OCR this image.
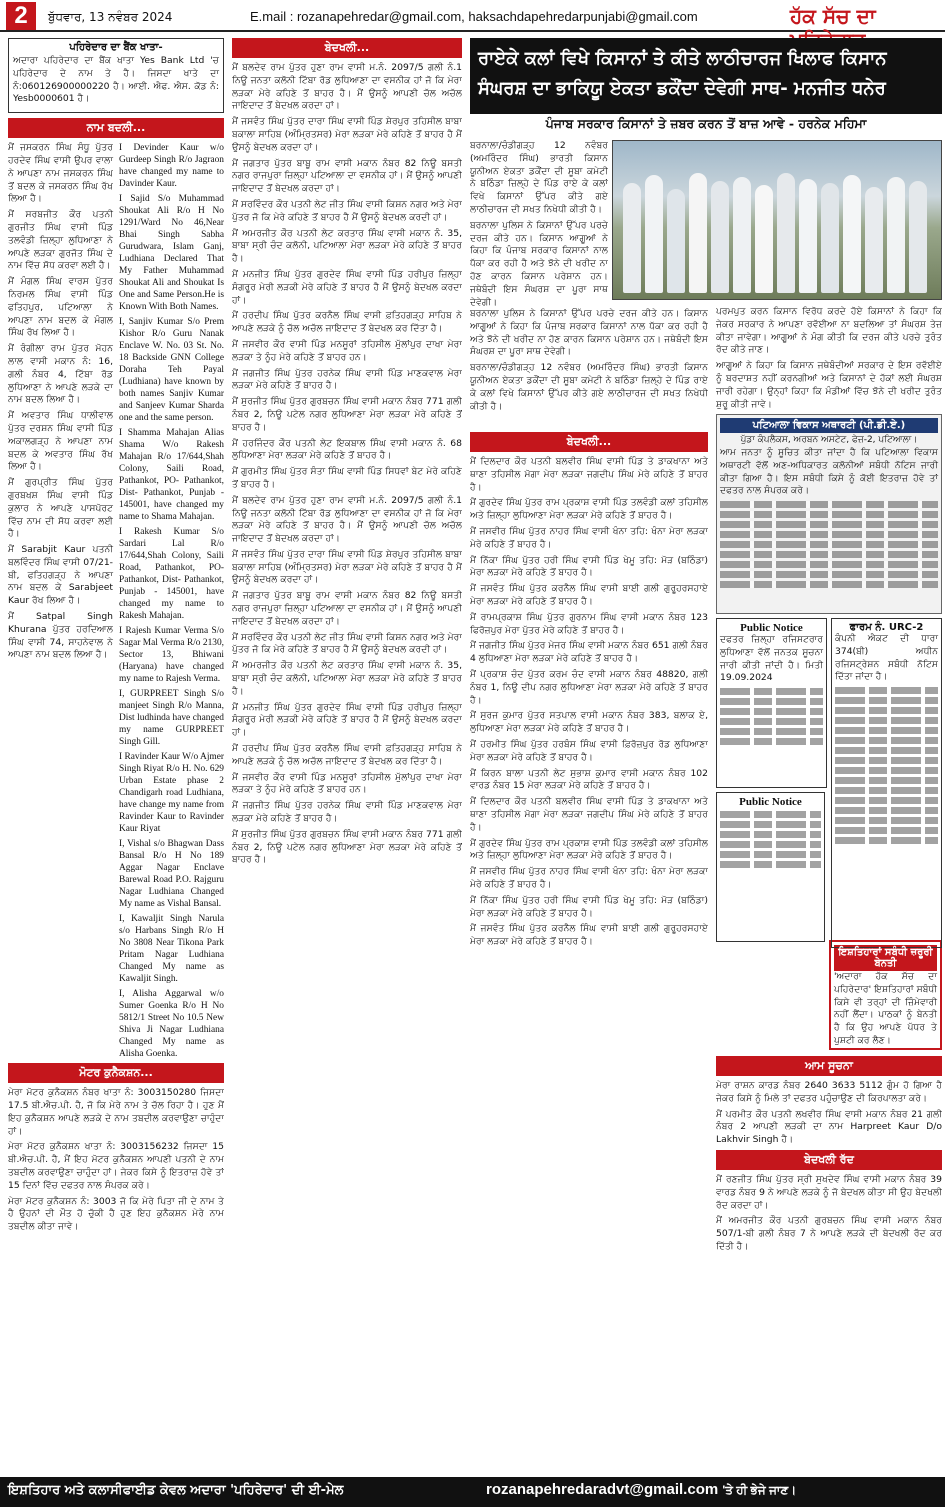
2	ਬੁੱਧਵਾਰ, 13 ਨਵੰਬਰ 2024	E.mail : rozanapehredar@gmail.com, haksachdapehredarpunjabi@gmail.com	ਹੱਕ ਸੱਚ ਦਾ
ਪਹਿਰੇਦਾਰ ਦਾ ਬੈਂਕ ਖਾਤਾ-
ਅਦਾਰਾ ਪਹਿਰੇਦਾਰ ਦਾ ਬੈਂਕ ਖਾਤਾ Yes Bank Ltd 'ਚ ਪਹਿਰੇਦਾਰ ਦੇ ਨਾਮ ਤੇ ਹੈ। ਜਿਸਦਾ ਖਾਤੇ ਦਾ ਨੰ:060126900000220 ਹੈ। ਆਈ. ਐਫ. ਐਸ. ਕੋਡ ਨੰ: Yesb0000601 ਹੈ।
ਨਾਮ ਬਦਲੀ...
ਮੈਂ ਜਸਕਰਨ ਸਿੰਘ ਸੰਧੂ ਪੁੱਤਰ ਹਰਦੇਵ ਸਿੰਘ ਵਾਸੀ ਉਪਰ ਵਾਲਾ ਨੇ ਆਪਣਾ ਨਾਮ ਜਸਕਰਨ ਸਿੰਘ ਤੋਂ ਬਦਲ ਕੇ ਜਸਕਰਨ ਸਿੰਘ ਰੱਖ ਲਿਆ ਹੈ।
ਮੈਂ ਸਰਬਜੀਤ ਕੌਰ ਪਤਨੀ ਗੁਰਜੀਤ ਸਿੰਘ ਵਾਸੀ ਪਿੰਡ ਤਲਵੰਡੀ ਜ਼ਿਲ੍ਹਾ ਲੁਧਿਆਣਾ ਨੇ ਆਪਣੇ ਲੜਕਾ ਗੁਰਜੋਤ ਸਿੰਘ ਦੇ ਨਾਮ ਵਿੱਚ ਸੋਧ ਕਰਵਾ ਲਈ ਹੈ।
ਮੈਂ ਮੰਗਲ ਸਿੰਘ ਵਾਰਸ ਪੁੱਤਰ ਨਿਰਮਲ ਸਿੰਘ ਵਾਸੀ ਪਿੰਡ ਫਤਿਹਪੁਰ, ਪਟਿਆਲਾ ਨੇ ਆਪਣਾ ਨਾਮ ਬਦਲ ਕੇ ਮੰਗਲ ਸਿੰਘ ਰੱਖ ਲਿਆ ਹੈ।
ਮੈਂ ਰੰਗੀਲਾ ਰਾਮ ਪੁੱਤਰ ਮੋਹਨ ਲਾਲ ਵਾਸੀ ਮਕਾਨ ਨੰ: 16, ਗਲੀ ਨੰਬਰ 4, ਟਿੱਬਾ ਰੋਡ ਲੁਧਿਆਣਾ ਨੇ ਆਪਣੇ ਲੜਕੇ ਦਾ ਨਾਮ ਬਦਲ ਲਿਆ ਹੈ।
ਮੈਂ ਅਵਤਾਰ ਸਿੰਘ ਧਾਲੀਵਾਲ ਪੁੱਤਰ ਦਰਸ਼ਨ ਸਿੰਘ ਵਾਸੀ ਪਿੰਡ ਅਕਾਲਗੜ੍ਹ ਨੇ ਆਪਣਾ ਨਾਮ ਬਦਲ ਕੇ ਅਵਤਾਰ ਸਿੰਘ ਰੱਖ ਲਿਆ ਹੈ।
ਮੈਂ ਗੁਰਪ੍ਰੀਤ ਸਿੰਘ ਪੁੱਤਰ ਗੁਰਬਖਸ਼ ਸਿੰਘ ਵਾਸੀ ਪਿੰਡ ਕੁਲਾਰ ਨੇ ਆਪਣੇ ਪਾਸਪੋਰਟ ਵਿੱਚ ਨਾਮ ਦੀ ਸੋਧ ਕਰਵਾ ਲਈ ਹੈ।
ਮੈਂ Sarabjit Kaur ਪਤਨੀ ਬਲਵਿੰਦਰ ਸਿੰਘ ਵਾਸੀ 07/21-ਬੀ, ਫਤਿਹਗੜ੍ਹ ਨੇ ਆਪਣਾ ਨਾਮ ਬਦਲ ਕੇ Sarabjeet Kaur ਰੱਖ ਲਿਆ ਹੈ।
ਮੈਂ Satpal Singh Khurana ਪੁੱਤਰ ਹਰਦਿਆਲ ਸਿੰਘ ਵਾਸੀ 74, ਸਾਹਨੇਵਾਲ ਨੇ ਆਪਣਾ ਨਾਮ ਬਦਲ ਲਿਆ ਹੈ।
I Devinder Kaur w/o Gurdeep Singh R/o Jagraon have changed my name to Davinder Kaur.
I Sajid S/o Muhammad Shoukat Ali R/o H No 1291/Ward No 46,Near Bhai Singh Sabha Gurudwara, Islam Ganj, Ludhiana Declared That My Father Muhammad Shoukat Ali and Shoukat Is One and Same Person.He is Known With Both Names.
I, Sanjiv Kumar S/o Prem Kishor R/o Guru Nanak Enclave W. No. 03 St. No. 18 Backside GNN College Doraha Teh Payal (Ludhiana) have known by both names Sanjiv Kumar and Sanjeev Kumar Sharda one and the same person.
I Shamma Mahajan Alias Shama W/o Rakesh Mahajan R/o 17/644,Shah Colony, Saili Road, Pathankot, PO- Pathankot, Dist- Pathankot, Punjab - 145001, have changed my name to Shama Mahajan.
I Rakesh Kumar S/o Sardari Lal R/o 17/644,Shah Colony, Saili Road, Pathankot, PO- Pathankot, Dist- Pathankot, Punjab - 145001, have changed my name to Rakesh Mahajan.
I Rajesh Kumar Verma S/o Sagar Mal Verma R/o 2130, Sector 13, Bhiwani (Haryana) have changed my name to Rajesh Verma.
I, GURPREET Singh S/o manjeet Singh R/o Manna, Dist ludhinda have changed my name GURPREET Singh Gill.
I Ravinder Kaur W/o Ajmer Singh Riyat R/o H. No. 629 Urban Estate phase 2 Chandigarh road Ludhiana, have change my name from Ravinder Kaur to Ravinder Kaur Riyat
I, Vishal s/o Bhagwan Dass Bansal R/o H No 189 Aggar Nagar Enclave Barewal Road P.O. Rajguru Nagar Ludhiana Changed My name as Vishal Bansal.
I, Kawaljit Singh Narula s/o Harbans Singh R/o H No 3808 Near Tikona Park Pritam Nagar Ludhiana Changed My name as Kawaljit Singh.
I, Alisha Aggarwal w/o Sumer Goenka R/o H No 5812/1 Street No 10.5 New Shiva Ji Nagar Ludhiana Changed My name as Alisha Goenka.
ਮੋਟਰ ਕੁਨੈਕਸ਼ਨ...
ਮੇਰਾ ਮੋਟਰ ਕੁਨੈਕਸ਼ਨ ਨੰਬਰ ਖਾਤਾ ਨੰ: 3003150280 ਜਿਸਦਾ 17.5 ਬੀ.ਐਚ.ਪੀ. ਹੈ, ਜੋ ਕਿ ਮੇਰੇ ਨਾਮ ਤੇ ਚੱਲ ਰਿਹਾ ਹੈ। ਹੁਣ ਮੈਂ ਇਹ ਕੁਨੈਕਸ਼ਨ ਆਪਣੇ ਲੜਕੇ ਦੇ ਨਾਮ ਤਬਦੀਲ ਕਰਵਾਉਣਾ ਚਾਹੁੰਦਾ ਹਾਂ।
ਮੇਰਾ ਮੋਟਰ ਕੁਨੈਕਸ਼ਨ ਖਾਤਾ ਨੰ: 3003156232 ਜਿਸਦਾ 15 ਬੀ.ਐਚ.ਪੀ. ਹੈ, ਮੈਂ ਇਹ ਮੋਟਰ ਕੁਨੈਕਸ਼ਨ ਆਪਣੀ ਪਤਨੀ ਦੇ ਨਾਮ ਤਬਦੀਲ ਕਰਵਾਉਣਾ ਚਾਹੁੰਦਾ ਹਾਂ। ਜੇਕਰ ਕਿਸੇ ਨੂੰ ਇਤਰਾਜ਼ ਹੋਵੇ ਤਾਂ 15 ਦਿਨਾਂ ਵਿੱਚ ਦਫਤਰ ਨਾਲ ਸੰਪਰਕ ਕਰੇ।
ਮੇਰਾ ਮੋਟਰ ਕੁਨੈਕਸ਼ਨ ਨੰ: 3003 ਜੋ ਕਿ ਮੇਰੇ ਪਿਤਾ ਜੀ ਦੇ ਨਾਮ ਤੇ ਹੈ ਉਹਨਾਂ ਦੀ ਮੌਤ ਹੋ ਚੁੱਕੀ ਹੈ ਹੁਣ ਇਹ ਕੁਨੈਕਸ਼ਨ ਮੇਰੇ ਨਾਮ ਤਬਦੀਲ ਕੀਤਾ ਜਾਵੇ।
ਬੇਦਖਲੀ...
ਮੈਂ ਬਲਦੇਵ ਰਾਮ ਪੁੱਤਰ ਹੁਣਾ ਰਾਮ ਵਾਸੀ ਮ.ਨੰ. 2097/5 ਗਲੀ ਨੰ.1 ਨਿਊ ਜਨਤਾ ਕਲੋਨੀ ਟਿੱਬਾ ਰੋਡ ਲੁਧਿਆਣਾ ਦਾ ਵਸਨੀਕ ਹਾਂ ਜੋ ਕਿ ਮੇਰਾ ਲੜਕਾ ਮੇਰੇ ਕਹਿਣੇ ਤੋਂ ਬਾਹਰ ਹੈ। ਮੈਂ ਉਸਨੂੰ ਆਪਣੀ ਚੱਲ ਅਚੱਲ ਜਾਇਦਾਦ ਤੋਂ ਬੇਦਖਲ ਕਰਦਾ ਹਾਂ।
ਮੈਂ ਜਸਵੰਤ ਸਿੰਘ ਪੁੱਤਰ ਦਾਰਾ ਸਿੰਘ ਵਾਸੀ ਪਿੰਡ ਸ਼ੇਰਪੁਰ ਤਹਿਸੀਲ ਬਾਬਾ ਬਕਾਲਾ ਸਾਹਿਬ (ਅੰਮ੍ਰਿਤਸਰ) ਮੇਰਾ ਲੜਕਾ ਮੇਰੇ ਕਹਿਣੇ ਤੋਂ ਬਾਹਰ ਹੈ ਮੈਂ ਉਸਨੂੰ ਬੇਦਖਲ ਕਰਦਾ ਹਾਂ।
ਮੈਂ ਜਗਤਾਰ ਪੁੱਤਰ ਬਾਬੂ ਰਾਮ ਵਾਸੀ ਮਕਾਨ ਨੰਬਰ 82 ਨਿਊ ਬਸਤੀ ਨਗਰ ਰਾਜਪੁਰਾ ਜ਼ਿਲ੍ਹਾ ਪਟਿਆਲਾ ਦਾ ਵਸਨੀਕ ਹਾਂ। ਮੈਂ ਉਸਨੂੰ ਆਪਣੀ ਜਾਇਦਾਦ ਤੋਂ ਬੇਦਖਲ ਕਰਦਾ ਹਾਂ।
ਮੈਂ ਸਰਵਿੰਦਰ ਕੌਰ ਪਤਨੀ ਲੇਟ ਜੀਤ ਸਿੰਘ ਵਾਸੀ ਕਿਸ਼ਨ ਨਗਰ ਅਤੇ ਮੇਰਾ ਪੁੱਤਰ ਜੋ ਕਿ ਮੇਰੇ ਕਹਿਣੇ ਤੋਂ ਬਾਹਰ ਹੈ ਮੈਂ ਉਸਨੂੰ ਬੇਦਖਲ ਕਰਦੀ ਹਾਂ।
ਮੈਂ ਅਮਰਜੀਤ ਕੌਰ ਪਤਨੀ ਲੇਟ ਕਰਤਾਰ ਸਿੰਘ ਵਾਸੀ ਮਕਾਨ ਨੰ. 35, ਬਾਬਾ ਸ੍ਰੀ ਚੰਦ ਕਲੋਨੀ, ਪਟਿਆਲਾ ਮੇਰਾ ਲੜਕਾ ਮੇਰੇ ਕਹਿਣੇ ਤੋਂ ਬਾਹਰ ਹੈ।
ਮੈਂ ਮਨਜੀਤ ਸਿੰਘ ਪੁੱਤਰ ਗੁਰਦੇਵ ਸਿੰਘ ਵਾਸੀ ਪਿੰਡ ਹਰੀਪੁਰ ਜ਼ਿਲ੍ਹਾ ਸੰਗਰੂਰ ਮੇਰੀ ਲੜਕੀ ਮੇਰੇ ਕਹਿਣੇ ਤੋਂ ਬਾਹਰ ਹੈ ਮੈਂ ਉਸਨੂੰ ਬੇਦਖਲ ਕਰਦਾ ਹਾਂ।
ਮੈਂ ਹਰਦੀਪ ਸਿੰਘ ਪੁੱਤਰ ਕਰਨੈਲ ਸਿੰਘ ਵਾਸੀ ਫ਼ਤਿਹਗੜ੍ਹ ਸਾਹਿਬ ਨੇ ਆਪਣੇ ਲੜਕੇ ਨੂੰ ਚੱਲ ਅਚੱਲ ਜਾਇਦਾਦ ਤੋਂ ਬੇਦਖਲ ਕਰ ਦਿੱਤਾ ਹੈ।
ਮੈਂ ਜਸਵੀਰ ਕੌਰ ਵਾਸੀ ਪਿੰਡ ਮਨਸੂਰਾਂ ਤਹਿਸੀਲ ਮੁੱਲਾਂਪੁਰ ਦਾਖਾ ਮੇਰਾ ਲੜਕਾ ਤੇ ਨੂੰਹ ਮੇਰੇ ਕਹਿਣੇ ਤੋਂ ਬਾਹਰ ਹਨ।
ਮੈਂ ਜਗਜੀਤ ਸਿੰਘ ਪੁੱਤਰ ਹਰਨੇਕ ਸਿੰਘ ਵਾਸੀ ਪਿੰਡ ਮਾਣਕਵਾਲ ਮੇਰਾ ਲੜਕਾ ਮੇਰੇ ਕਹਿਣੇ ਤੋਂ ਬਾਹਰ ਹੈ।
ਮੈਂ ਸੁਰਜੀਤ ਸਿੰਘ ਪੁੱਤਰ ਗੁਰਬਚਨ ਸਿੰਘ ਵਾਸੀ ਮਕਾਨ ਨੰਬਰ 771 ਗਲੀ ਨੰਬਰ 2, ਨਿਊ ਪਟੇਲ ਨਗਰ ਲੁਧਿਆਣਾ ਮੇਰਾ ਲੜਕਾ ਮੇਰੇ ਕਹਿਣੇ ਤੋਂ ਬਾਹਰ ਹੈ।
ਮੈਂ ਹਰਜਿੰਦਰ ਕੌਰ ਪਤਨੀ ਲੇਟ ਇਕਬਾਲ ਸਿੰਘ ਵਾਸੀ ਮਕਾਨ ਨੰ. 68 ਲੁਧਿਆਣਾ ਮੇਰਾ ਲੜਕਾ ਮੇਰੇ ਕਹਿਣੇ ਤੋਂ ਬਾਹਰ ਹੈ।
ਮੈਂ ਗੁਰਮੀਤ ਸਿੰਘ ਪੁੱਤਰ ਸੰਤਾ ਸਿੰਘ ਵਾਸੀ ਪਿੰਡ ਸਿਧਵਾਂ ਬੇਟ ਮੇਰੇ ਕਹਿਣੇ ਤੋਂ ਬਾਹਰ ਹੈ।
ਮੈਂ ਬਲਦੇਵ ਰਾਮ ਪੁੱਤਰ ਹੁਣਾ ਰਾਮ ਵਾਸੀ ਮ.ਨੰ. 2097/5 ਗਲੀ ਨੰ.1 ਨਿਊ ਜਨਤਾ ਕਲੋਨੀ ਟਿੱਬਾ ਰੋਡ ਲੁਧਿਆਣਾ ਦਾ ਵਸਨੀਕ ਹਾਂ ਜੋ ਕਿ ਮੇਰਾ ਲੜਕਾ ਮੇਰੇ ਕਹਿਣੇ ਤੋਂ ਬਾਹਰ ਹੈ। ਮੈਂ ਉਸਨੂੰ ਆਪਣੀ ਚੱਲ ਅਚੱਲ ਜਾਇਦਾਦ ਤੋਂ ਬੇਦਖਲ ਕਰਦਾ ਹਾਂ।
ਮੈਂ ਜਸਵੰਤ ਸਿੰਘ ਪੁੱਤਰ ਦਾਰਾ ਸਿੰਘ ਵਾਸੀ ਪਿੰਡ ਸ਼ੇਰਪੁਰ ਤਹਿਸੀਲ ਬਾਬਾ ਬਕਾਲਾ ਸਾਹਿਬ (ਅੰਮ੍ਰਿਤਸਰ) ਮੇਰਾ ਲੜਕਾ ਮੇਰੇ ਕਹਿਣੇ ਤੋਂ ਬਾਹਰ ਹੈ ਮੈਂ ਉਸਨੂੰ ਬੇਦਖਲ ਕਰਦਾ ਹਾਂ।
ਮੈਂ ਜਗਤਾਰ ਪੁੱਤਰ ਬਾਬੂ ਰਾਮ ਵਾਸੀ ਮਕਾਨ ਨੰਬਰ 82 ਨਿਊ ਬਸਤੀ ਨਗਰ ਰਾਜਪੁਰਾ ਜ਼ਿਲ੍ਹਾ ਪਟਿਆਲਾ ਦਾ ਵਸਨੀਕ ਹਾਂ। ਮੈਂ ਉਸਨੂੰ ਆਪਣੀ ਜਾਇਦਾਦ ਤੋਂ ਬੇਦਖਲ ਕਰਦਾ ਹਾਂ।
ਮੈਂ ਸਰਵਿੰਦਰ ਕੌਰ ਪਤਨੀ ਲੇਟ ਜੀਤ ਸਿੰਘ ਵਾਸੀ ਕਿਸ਼ਨ ਨਗਰ ਅਤੇ ਮੇਰਾ ਪੁੱਤਰ ਜੋ ਕਿ ਮੇਰੇ ਕਹਿਣੇ ਤੋਂ ਬਾਹਰ ਹੈ ਮੈਂ ਉਸਨੂੰ ਬੇਦਖਲ ਕਰਦੀ ਹਾਂ।
ਮੈਂ ਅਮਰਜੀਤ ਕੌਰ ਪਤਨੀ ਲੇਟ ਕਰਤਾਰ ਸਿੰਘ ਵਾਸੀ ਮਕਾਨ ਨੰ. 35, ਬਾਬਾ ਸ੍ਰੀ ਚੰਦ ਕਲੋਨੀ, ਪਟਿਆਲਾ ਮੇਰਾ ਲੜਕਾ ਮੇਰੇ ਕਹਿਣੇ ਤੋਂ ਬਾਹਰ ਹੈ।
ਮੈਂ ਮਨਜੀਤ ਸਿੰਘ ਪੁੱਤਰ ਗੁਰਦੇਵ ਸਿੰਘ ਵਾਸੀ ਪਿੰਡ ਹਰੀਪੁਰ ਜ਼ਿਲ੍ਹਾ ਸੰਗਰੂਰ ਮੇਰੀ ਲੜਕੀ ਮੇਰੇ ਕਹਿਣੇ ਤੋਂ ਬਾਹਰ ਹੈ ਮੈਂ ਉਸਨੂੰ ਬੇਦਖਲ ਕਰਦਾ ਹਾਂ।
ਮੈਂ ਹਰਦੀਪ ਸਿੰਘ ਪੁੱਤਰ ਕਰਨੈਲ ਸਿੰਘ ਵਾਸੀ ਫ਼ਤਿਹਗੜ੍ਹ ਸਾਹਿਬ ਨੇ ਆਪਣੇ ਲੜਕੇ ਨੂੰ ਚੱਲ ਅਚੱਲ ਜਾਇਦਾਦ ਤੋਂ ਬੇਦਖਲ ਕਰ ਦਿੱਤਾ ਹੈ।
ਮੈਂ ਜਸਵੀਰ ਕੌਰ ਵਾਸੀ ਪਿੰਡ ਮਨਸੂਰਾਂ ਤਹਿਸੀਲ ਮੁੱਲਾਂਪੁਰ ਦਾਖਾ ਮੇਰਾ ਲੜਕਾ ਤੇ ਨੂੰਹ ਮੇਰੇ ਕਹਿਣੇ ਤੋਂ ਬਾਹਰ ਹਨ।
ਮੈਂ ਜਗਜੀਤ ਸਿੰਘ ਪੁੱਤਰ ਹਰਨੇਕ ਸਿੰਘ ਵਾਸੀ ਪਿੰਡ ਮਾਣਕਵਾਲ ਮੇਰਾ ਲੜਕਾ ਮੇਰੇ ਕਹਿਣੇ ਤੋਂ ਬਾਹਰ ਹੈ।
ਮੈਂ ਸੁਰਜੀਤ ਸਿੰਘ ਪੁੱਤਰ ਗੁਰਬਚਨ ਸਿੰਘ ਵਾਸੀ ਮਕਾਨ ਨੰਬਰ 771 ਗਲੀ ਨੰਬਰ 2, ਨਿਊ ਪਟੇਲ ਨਗਰ ਲੁਧਿਆਣਾ ਮੇਰਾ ਲੜਕਾ ਮੇਰੇ ਕਹਿਣੇ ਤੋਂ ਬਾਹਰ ਹੈ।
ਰਾਏਕੇ ਕਲਾਂ ਵਿਖੇ ਕਿਸਾਨਾਂ ਤੇ ਕੀਤੇ ਲਾਠੀਚਾਰਜ ਖਿਲਾਫ ਕਿਸਾਨ ਸੰਘਰਸ਼ ਦਾ ਭਾਕਿਯੂ ਏਕਤਾ ਡਕੌਂਦਾ ਦੇਵੇਗੀ ਸਾਥ- ਮਨਜੀਤ ਧਨੇਰ
ਪੰਜਾਬ ਸਰਕਾਰ ਕਿਸਾਨਾਂ ਤੇ ਜ਼ਬਰ ਕਰਨ ਤੋਂ ਬਾਜ਼ ਆਵੇ - ਹਰਨੇਕ ਮਹਿਮਾ
ਬਰਨਾਲਾ/ਚੰਡੀਗੜ੍ਹ 12 ਨਵੰਬਰ (ਅਮਰਿੰਦਰ ਸਿੰਘ) ਭਾਰਤੀ ਕਿਸਾਨ ਯੂਨੀਅਨ ਏਕਤਾ ਡਕੌਂਦਾ ਦੀ ਸੂਬਾ ਕਮੇਟੀ ਨੇ ਬਠਿੰਡਾ ਜ਼ਿਲ੍ਹੇ ਦੇ ਪਿੰਡ ਰਾਏ ਕੇ ਕਲਾਂ ਵਿਖੇ ਕਿਸਾਨਾਂ ਉੱਪਰ ਕੀਤੇ ਗਏ ਲਾਠੀਚਾਰਜ ਦੀ ਸਖਤ ਨਿਖੇਧੀ ਕੀਤੀ ਹੈ।
ਬਰਨਾਲਾ ਪੁਲਿਸ ਨੇ ਕਿਸਾਨਾਂ ਉੱਪਰ ਪਰਚੇ ਦਰਜ ਕੀਤੇ ਹਨ। ਕਿਸਾਨ ਆਗੂਆਂ ਨੇ ਕਿਹਾ ਕਿ ਪੰਜਾਬ ਸਰਕਾਰ ਕਿਸਾਨਾਂ ਨਾਲ ਧੱਕਾ ਕਰ ਰਹੀ ਹੈ ਅਤੇ ਝੋਨੇ ਦੀ ਖਰੀਦ ਨਾ ਹੋਣ ਕਾਰਨ ਕਿਸਾਨ ਪਰੇਸ਼ਾਨ ਹਨ। ਜਥੇਬੰਦੀ ਇਸ ਸੰਘਰਸ਼ ਦਾ ਪੂਰਾ ਸਾਥ ਦੇਵੇਗੀ।
ਬਰਨਾਲਾ ਪੁਲਿਸ ਨੇ ਕਿਸਾਨਾਂ ਉੱਪਰ ਪਰਚੇ ਦਰਜ ਕੀਤੇ ਹਨ। ਕਿਸਾਨ ਆਗੂਆਂ ਨੇ ਕਿਹਾ ਕਿ ਪੰਜਾਬ ਸਰਕਾਰ ਕਿਸਾਨਾਂ ਨਾਲ ਧੱਕਾ ਕਰ ਰਹੀ ਹੈ ਅਤੇ ਝੋਨੇ ਦੀ ਖਰੀਦ ਨਾ ਹੋਣ ਕਾਰਨ ਕਿਸਾਨ ਪਰੇਸ਼ਾਨ ਹਨ। ਜਥੇਬੰਦੀ ਇਸ ਸੰਘਰਸ਼ ਦਾ ਪੂਰਾ ਸਾਥ ਦੇਵੇਗੀ।
ਬਰਨਾਲਾ/ਚੰਡੀਗੜ੍ਹ 12 ਨਵੰਬਰ (ਅਮਰਿੰਦਰ ਸਿੰਘ) ਭਾਰਤੀ ਕਿਸਾਨ ਯੂਨੀਅਨ ਏਕਤਾ ਡਕੌਂਦਾ ਦੀ ਸੂਬਾ ਕਮੇਟੀ ਨੇ ਬਠਿੰਡਾ ਜ਼ਿਲ੍ਹੇ ਦੇ ਪਿੰਡ ਰਾਏ ਕੇ ਕਲਾਂ ਵਿਖੇ ਕਿਸਾਨਾਂ ਉੱਪਰ ਕੀਤੇ ਗਏ ਲਾਠੀਚਾਰਜ ਦੀ ਸਖਤ ਨਿਖੇਧੀ ਕੀਤੀ ਹੈ।
ਪਰਮਪੁਤ ਕਰਨ ਕਿਸਾਨ ਵਿਰੋਧ ਕਰਦੇ ਹੋਏ ਕਿਸਾਨਾਂ ਨੇ ਕਿਹਾ ਕਿ ਜੇਕਰ ਸਰਕਾਰ ਨੇ ਆਪਣਾ ਰਵੱਈਆ ਨਾ ਬਦਲਿਆ ਤਾਂ ਸੰਘਰਸ਼ ਤੇਜ਼ ਕੀਤਾ ਜਾਵੇਗਾ। ਆਗੂਆਂ ਨੇ ਮੰਗ ਕੀਤੀ ਕਿ ਦਰਜ ਕੀਤੇ ਪਰਚੇ ਤੁਰੰਤ ਰੱਦ ਕੀਤੇ ਜਾਣ।
ਆਗੂਆਂ ਨੇ ਕਿਹਾ ਕਿ ਕਿਸਾਨ ਜਥੇਬੰਦੀਆਂ ਸਰਕਾਰ ਦੇ ਇਸ ਰਵੱਈਏ ਨੂੰ ਬਰਦਾਸ਼ਤ ਨਹੀਂ ਕਰਨਗੀਆਂ ਅਤੇ ਕਿਸਾਨਾਂ ਦੇ ਹੱਕਾਂ ਲਈ ਸੰਘਰਸ਼ ਜਾਰੀ ਰਹੇਗਾ। ਉਨ੍ਹਾਂ ਕਿਹਾ ਕਿ ਮੰਡੀਆਂ ਵਿੱਚ ਝੋਨੇ ਦੀ ਖਰੀਦ ਤੁਰੰਤ ਸ਼ੁਰੂ ਕੀਤੀ ਜਾਵੇ।
ਬੇਦਖਲੀ...
ਮੈਂ ਦਿਲਦਾਰ ਕੌਰ ਪਤਨੀ ਬਲਵੀਰ ਸਿੰਘ ਵਾਸੀ ਪਿੰਡ ਤੇ ਡਾਕਖਾਨਾ ਅਤੇ ਥਾਣਾ ਤਹਿਸੀਲ ਮੋਗਾ ਮੇਰਾ ਲੜਕਾ ਜਗਦੀਪ ਸਿੰਘ ਮੇਰੇ ਕਹਿਣੇ ਤੋਂ ਬਾਹਰ ਹੈ।
ਮੈਂ ਗੁਰਦੇਵ ਸਿੰਘ ਪੁੱਤਰ ਰਾਮ ਪ੍ਰਕਾਸ਼ ਵਾਸੀ ਪਿੰਡ ਤਲਵੰਡੀ ਕਲਾਂ ਤਹਿਸੀਲ ਅਤੇ ਜ਼ਿਲ੍ਹਾ ਲੁਧਿਆਣਾ ਮੇਰਾ ਲੜਕਾ ਮੇਰੇ ਕਹਿਣੇ ਤੋਂ ਬਾਹਰ ਹੈ।
ਮੈਂ ਜਸਵੀਰ ਸਿੰਘ ਪੁੱਤਰ ਨਾਹਰ ਸਿੰਘ ਵਾਸੀ ਖੰਨਾ ਤਹਿ: ਖੰਨਾ ਮੇਰਾ ਲੜਕਾ ਮੇਰੇ ਕਹਿਣੇ ਤੋਂ ਬਾਹਰ ਹੈ।
ਮੈਂ ਨਿੱਕਾ ਸਿੰਘ ਪੁੱਤਰ ਹਰੀ ਸਿੰਘ ਵਾਸੀ ਪਿੰਡ ਖੇਮੂ ਤਹਿ: ਮੋੜ (ਬਠਿੰਡਾ) ਮੇਰਾ ਲੜਕਾ ਮੇਰੇ ਕਹਿਣੇ ਤੋਂ ਬਾਹਰ ਹੈ।
ਮੈਂ ਜਸਵੰਤ ਸਿੰਘ ਪੁੱਤਰ ਕਰਨੈਲ ਸਿੰਘ ਵਾਸੀ ਬਾਈ ਗਲੀ ਗੁਰੂਹਰਸਹਾਏ ਮੇਰਾ ਲੜਕਾ ਮੇਰੇ ਕਹਿਣੇ ਤੋਂ ਬਾਹਰ ਹੈ।
ਮੈਂ ਰਾਮਪ੍ਰਕਾਸ਼ ਸਿੰਘ ਪੁੱਤਰ ਗੁਰਨਾਮ ਸਿੰਘ ਵਾਸੀ ਮਕਾਨ ਨੰਬਰ 123 ਫਿਰੋਜ਼ਪੁਰ ਮੇਰਾ ਪੁੱਤਰ ਮੇਰੇ ਕਹਿਣੇ ਤੋਂ ਬਾਹਰ ਹੈ।
ਮੈਂ ਜਗਜੀਤ ਸਿੰਘ ਪੁੱਤਰ ਮੇਜਰ ਸਿੰਘ ਵਾਸੀ ਮਕਾਨ ਨੰਬਰ 651 ਗਲੀ ਨੰਬਰ 4 ਲੁਧਿਆਣਾ ਮੇਰਾ ਲੜਕਾ ਮੇਰੇ ਕਹਿਣੇ ਤੋਂ ਬਾਹਰ ਹੈ।
ਮੈਂ ਪ੍ਰਕਾਸ਼ ਚੰਦ ਪੁੱਤਰ ਕਰਮ ਚੰਦ ਵਾਸੀ ਮਕਾਨ ਨੰਬਰ 48820, ਗਲੀ ਨੰਬਰ 1, ਨਿਊ ਦੀਪ ਨਗਰ ਲੁਧਿਆਣਾ ਮੇਰਾ ਲੜਕਾ ਮੇਰੇ ਕਹਿਣੇ ਤੋਂ ਬਾਹਰ ਹੈ।
ਮੈਂ ਸੁਰਜ ਕੁਮਾਰ ਪੁੱਤਰ ਸਤਪਾਲ ਵਾਸੀ ਮਕਾਨ ਨੰਬਰ 383, ਬਲਾਕ ਏ, ਲੁਧਿਆਣਾ ਮੇਰਾ ਲੜਕਾ ਮੇਰੇ ਕਹਿਣੇ ਤੋਂ ਬਾਹਰ ਹੈ।
ਮੈਂ ਹਰਮੀਤ ਸਿੰਘ ਪੁੱਤਰ ਹਰਬੰਸ ਸਿੰਘ ਵਾਸੀ ਫ਼ਿਰੋਜ਼ਪੁਰ ਰੋਡ ਲੁਧਿਆਣਾ ਮੇਰਾ ਲੜਕਾ ਮੇਰੇ ਕਹਿਣੇ ਤੋਂ ਬਾਹਰ ਹੈ।
ਮੈਂ ਕਿਰਨ ਬਾਲਾ ਪਤਨੀ ਲੇਟ ਸੁਭਾਸ਼ ਕੁਮਾਰ ਵਾਸੀ ਮਕਾਨ ਨੰਬਰ 102 ਵਾਰਡ ਨੰਬਰ 15 ਮੇਰਾ ਲੜਕਾ ਮੇਰੇ ਕਹਿਣੇ ਤੋਂ ਬਾਹਰ ਹੈ।
ਮੈਂ ਦਿਲਦਾਰ ਕੌਰ ਪਤਨੀ ਬਲਵੀਰ ਸਿੰਘ ਵਾਸੀ ਪਿੰਡ ਤੇ ਡਾਕਖਾਨਾ ਅਤੇ ਥਾਣਾ ਤਹਿਸੀਲ ਮੋਗਾ ਮੇਰਾ ਲੜਕਾ ਜਗਦੀਪ ਸਿੰਘ ਮੇਰੇ ਕਹਿਣੇ ਤੋਂ ਬਾਹਰ ਹੈ।
ਮੈਂ ਗੁਰਦੇਵ ਸਿੰਘ ਪੁੱਤਰ ਰਾਮ ਪ੍ਰਕਾਸ਼ ਵਾਸੀ ਪਿੰਡ ਤਲਵੰਡੀ ਕਲਾਂ ਤਹਿਸੀਲ ਅਤੇ ਜ਼ਿਲ੍ਹਾ ਲੁਧਿਆਣਾ ਮੇਰਾ ਲੜਕਾ ਮੇਰੇ ਕਹਿਣੇ ਤੋਂ ਬਾਹਰ ਹੈ।
ਮੈਂ ਜਸਵੀਰ ਸਿੰਘ ਪੁੱਤਰ ਨਾਹਰ ਸਿੰਘ ਵਾਸੀ ਖੰਨਾ ਤਹਿ: ਖੰਨਾ ਮੇਰਾ ਲੜਕਾ ਮੇਰੇ ਕਹਿਣੇ ਤੋਂ ਬਾਹਰ ਹੈ।
ਮੈਂ ਨਿੱਕਾ ਸਿੰਘ ਪੁੱਤਰ ਹਰੀ ਸਿੰਘ ਵਾਸੀ ਪਿੰਡ ਖੇਮੂ ਤਹਿ: ਮੋੜ (ਬਠਿੰਡਾ) ਮੇਰਾ ਲੜਕਾ ਮੇਰੇ ਕਹਿਣੇ ਤੋਂ ਬਾਹਰ ਹੈ।
ਮੈਂ ਜਸਵੰਤ ਸਿੰਘ ਪੁੱਤਰ ਕਰਨੈਲ ਸਿੰਘ ਵਾਸੀ ਬਾਈ ਗਲੀ ਗੁਰੂਹਰਸਹਾਏ ਮੇਰਾ ਲੜਕਾ ਮੇਰੇ ਕਹਿਣੇ ਤੋਂ ਬਾਹਰ ਹੈ।
ਪਟਿਆਲਾ ਵਿਕਾਸ ਅਥਾਰਟੀ (ਪੀ.ਡੀ.ਏ.)
ਪੁੱਡਾ ਕੰਪਲੈਕਸ, ਅਰਬਨ ਅਸਟੇਟ, ਫੇਜ਼-2, ਪਟਿਆਲਾ।
ਆਮ ਜਨਤਾ ਨੂੰ ਸੂਚਿਤ ਕੀਤਾ ਜਾਂਦਾ ਹੈ ਕਿ ਪਟਿਆਲਾ ਵਿਕਾਸ ਅਥਾਰਟੀ ਵੱਲੋਂ ਅਣ-ਅਧਿਕਾਰਤ ਕਲੋਨੀਆਂ ਸਬੰਧੀ ਨੋਟਿਸ ਜਾਰੀ ਕੀਤਾ ਗਿਆ ਹੈ। ਇਸ ਸਬੰਧੀ ਕਿਸੇ ਨੂੰ ਕੋਈ ਇਤਰਾਜ਼ ਹੋਵੇ ਤਾਂ ਦਫਤਰ ਨਾਲ ਸੰਪਰਕ ਕਰੇ।
Public Notice
ਦਫਤਰ ਜ਼ਿਲ੍ਹਾ ਰਜਿਸਟਰਾਰ ਲੁਧਿਆਣਾ ਵੱਲੋਂ ਜਨਤਕ ਸੂਚਨਾ ਜਾਰੀ ਕੀਤੀ ਜਾਂਦੀ ਹੈ। ਮਿਤੀ 19.09.2024
ਫਾਰਮ ਨੰ. URC-2
ਕੰਪਨੀ ਐਕਟ ਦੀ ਧਾਰਾ 374(ਬੀ) ਅਧੀਨ ਰਜਿਸਟ੍ਰੇਸ਼ਨ ਸਬੰਧੀ ਨੋਟਿਸ ਦਿੱਤਾ ਜਾਂਦਾ ਹੈ।
Public Notice
ਇਸ਼ਤਿਹਾਰਾਂ ਸਬੰਧੀ ਜ਼ਰੂਰੀ ਬੇਨਤੀ
'ਅਦਾਰਾ ਹੱਕ ਸੱਚ ਦਾ ਪਹਿਰੇਦਾਰ' ਇਸ਼ਤਿਹਾਰਾਂ ਸਬੰਧੀ ਕਿਸੇ ਵੀ ਤਰ੍ਹਾਂ ਦੀ ਜ਼ਿੰਮੇਵਾਰੀ ਨਹੀਂ ਲੈਂਦਾ। ਪਾਠਕਾਂ ਨੂੰ ਬੇਨਤੀ ਹੈ ਕਿ ਉਹ ਆਪਣੇ ਪੱਧਰ ਤੇ ਪੁਸ਼ਟੀ ਕਰ ਲੈਣ।
ਆਮ ਸੂਚਨਾ
ਮੇਰਾ ਰਾਸ਼ਨ ਕਾਰਡ ਨੰਬਰ 2640 3633 5112 ਗੁੰਮ ਹੋ ਗਿਆ ਹੈ ਜੇਕਰ ਕਿਸੇ ਨੂੰ ਮਿਲੇ ਤਾਂ ਦਫਤਰ ਪਹੁੰਚਾਉਣ ਦੀ ਕਿਰਪਾਲਤਾ ਕਰੇ।
ਮੈਂ ਪਰਮੀਤ ਕੌਰ ਪਤਨੀ ਲਖਵੀਰ ਸਿੰਘ ਵਾਸੀ ਮਕਾਨ ਨੰਬਰ 21 ਗਲੀ ਨੰਬਰ 2 ਆਪਣੀ ਲੜਕੀ ਦਾ ਨਾਮ Harpreet Kaur D/o Lakhvir Singh ਹੈ।
ਬੇਦਖਲੀ ਰੱਦ
ਮੈਂ ਰਣਜੀਤ ਸਿੰਘ ਪੁੱਤਰ ਸ੍ਰੀ ਸੁਖਦੇਵ ਸਿੰਘ ਵਾਸੀ ਮਕਾਨ ਨੰਬਰ 39 ਵਾਰਡ ਨੰਬਰ 9 ਨੇ ਆਪਣੇ ਲੜਕੇ ਨੂੰ ਜੋ ਬੇਦਖਲ ਕੀਤਾ ਸੀ ਉਹ ਬੇਦਖਲੀ ਰੱਦ ਕਰਦਾ ਹਾਂ।
ਮੈਂ ਅਮਰਜੀਤ ਕੌਰ ਪਤਨੀ ਗੁਰਬਚਨ ਸਿੰਘ ਵਾਸੀ ਮਕਾਨ ਨੰਬਰ 507/1-ਬੀ ਗਲੀ ਨੰਬਰ 7 ਨੇ ਆਪਣੇ ਲੜਕੇ ਦੀ ਬੇਦਖਲੀ ਰੱਦ ਕਰ ਦਿੱਤੀ ਹੈ।
ਇਸ਼ਤਿਹਾਰ ਅਤੇ ਕਲਾਸੀਫਾਈਡ ਕੇਵਲ ਅਦਾਰਾ 'ਪਹਿਰੇਦਾਰ' ਦੀ ਈ-ਮੇਲ	rozanapehredaradvt@gmail.com 'ਤੇ ਹੀ ਭੇਜੇ ਜਾਣ।
